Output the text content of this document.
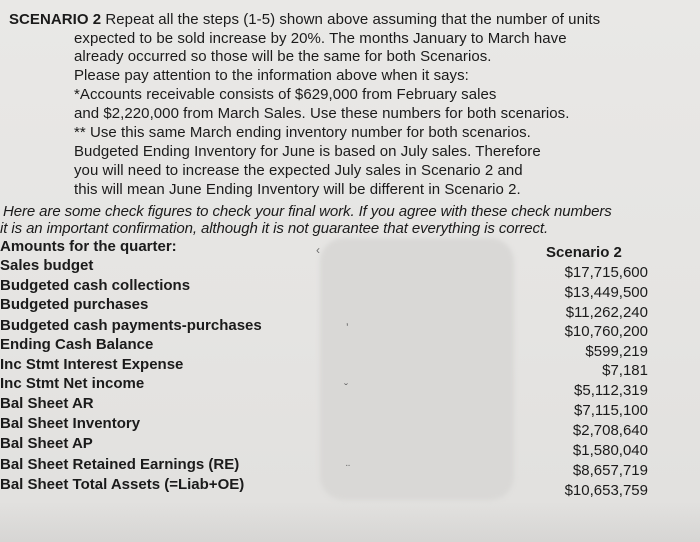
SCENARIO 2 Repeat all the steps (1-5) shown above assuming that the number of units
expected to be sold increase by 20%. The months January to March have
already occurred so those will be the same for both Scenarios.
Please pay attention to the information above when it says:
*Accounts receivable consists of $629,000 from February sales
and $2,220,000 from March Sales. Use these numbers for both scenarios.
** Use this same March ending inventory number for both scenarios.
Budgeted Ending Inventory for June is based on July sales. Therefore
you will need to increase the expected July sales in Scenario 2 and
this will mean June Ending Inventory will be different in Scenario 2.
Here are some check figures to check your final work. If you agree with these check numbers
it is an important confirmation, although it is not guarantee that everything is correct.
‹
ʼ
ˇ
¨
Amounts for the quarter:	Scenario 2
Sales budget
Budgeted cash collections
Budgeted purchases
Budgeted cash payments-purchases
Ending Cash Balance
Inc Stmt Interest Expense
Inc Stmt Net income
Bal Sheet AR
Bal Sheet Inventory
Bal Sheet AP
Bal Sheet Retained Earnings (RE)
Bal Sheet Total Assets (=Liab+OE)
$17,715,600
$13,449,500
$11,262,240
$10,760,200
$599,219
$7,181
$5,112,319
$7,115,100
$2,708,640
$1,580,040
$8,657,719
$10,653,759
